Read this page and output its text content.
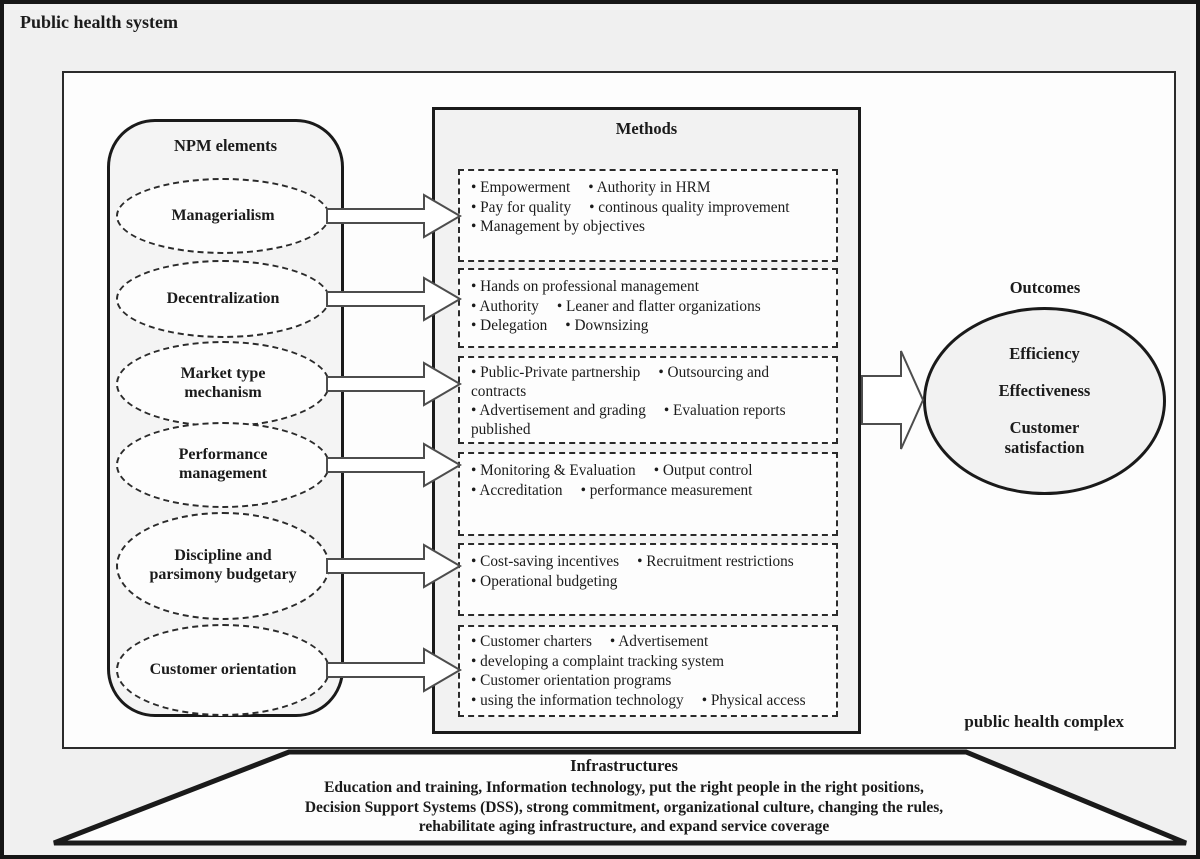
Public health system
Infrastructures
Education and training, Information technology, put the right people in the right positions,
Decision Support Systems (DSS), strong commitment, organizational culture, changing the rules,
rehabilitate aging infrastructure, and expand service coverage
public health complex
NPM elements
Managerialism
Decentralization
Market type mechanism
Performance management
Discipline and parsimony budgetary
Customer orientation
Methods
• Empowerment • Authority in HRM
• Pay for quality • continous quality improvement
• Management by objectives
• Hands on professional management
• Authority • Leaner and flatter organizations
• Delegation • Downsizing
• Public-Private partnership • Outsourcing and
contracts
• Advertisement and grading • Evaluation reports
published
• Monitoring & Evaluation • Output control
• Accreditation • performance measurement
• Cost-saving incentives • Recruitment restrictions
• Operational budgeting
• Customer charters • Advertisement
• developing a complaint tracking system
• Customer orientation programs
• using the information technology • Physical access
Outcomes
Efficiency
Effectiveness
Customer satisfaction
